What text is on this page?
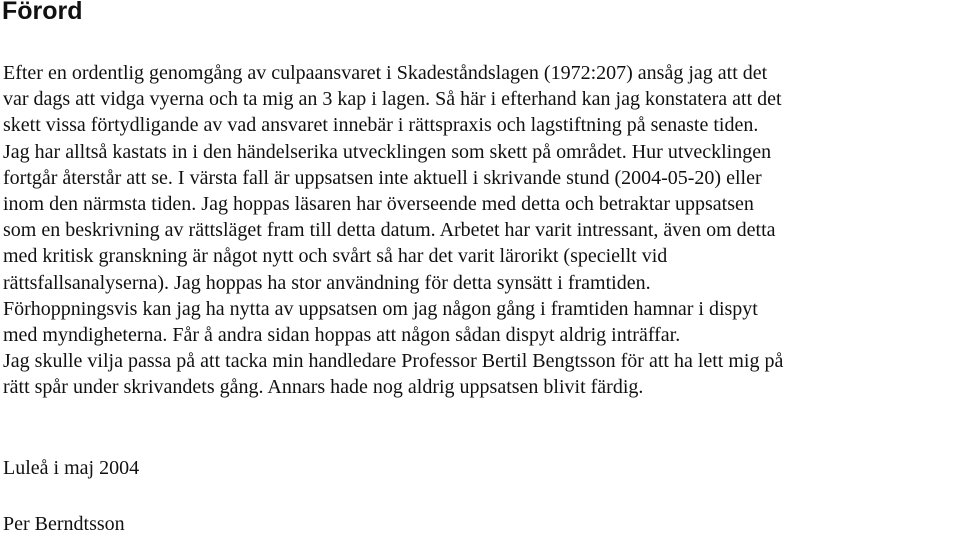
Förord

Efter en ordentlig genomgång av culpaansvaret i Skadeståndslagen (1972:207) ansåg jag att det
var dags att vidga vyerna och ta mig an 3 kap i lagen. Så här i efterhand kan jag konstatera att det
skett vissa förtydligande av vad ansvaret innebär i rättspraxis och lagstiftning på senaste tiden.
Jag har alltså kastats in i den händelserika utvecklingen som skett på området. Hur utvecklingen
fortgår återstår att se. I värsta fall är uppsatsen inte aktuell i skrivande stund (2004-05-20) eller
inom den närmsta tiden. Jag hoppas läsaren har överseende med detta och betraktar uppsatsen
som en beskrivning av rättsläget fram till detta datum. Arbetet har varit intressant, även om detta
med kritisk granskning är något nytt och svårt så har det varit lärorikt (speciellt vid
rättsfallsanalyserna). Jag hoppas ha stor användning för detta synsätt i framtiden.
Förhoppningsvis kan jag ha nytta av uppsatsen om jag någon gång i framtiden hamnar i dispyt
med myndigheterna. Får å andra sidan hoppas att någon sådan dispyt aldrig inträffar.
Jag skulle vilja passa på att tacka min handledare Professor Bertil Bengtsson för att ha lett mig på
rätt spår under skrivandets gång. Annars hade nog aldrig uppsatsen blivit färdig.

Luleå i maj 2004

Per Berndtsson
